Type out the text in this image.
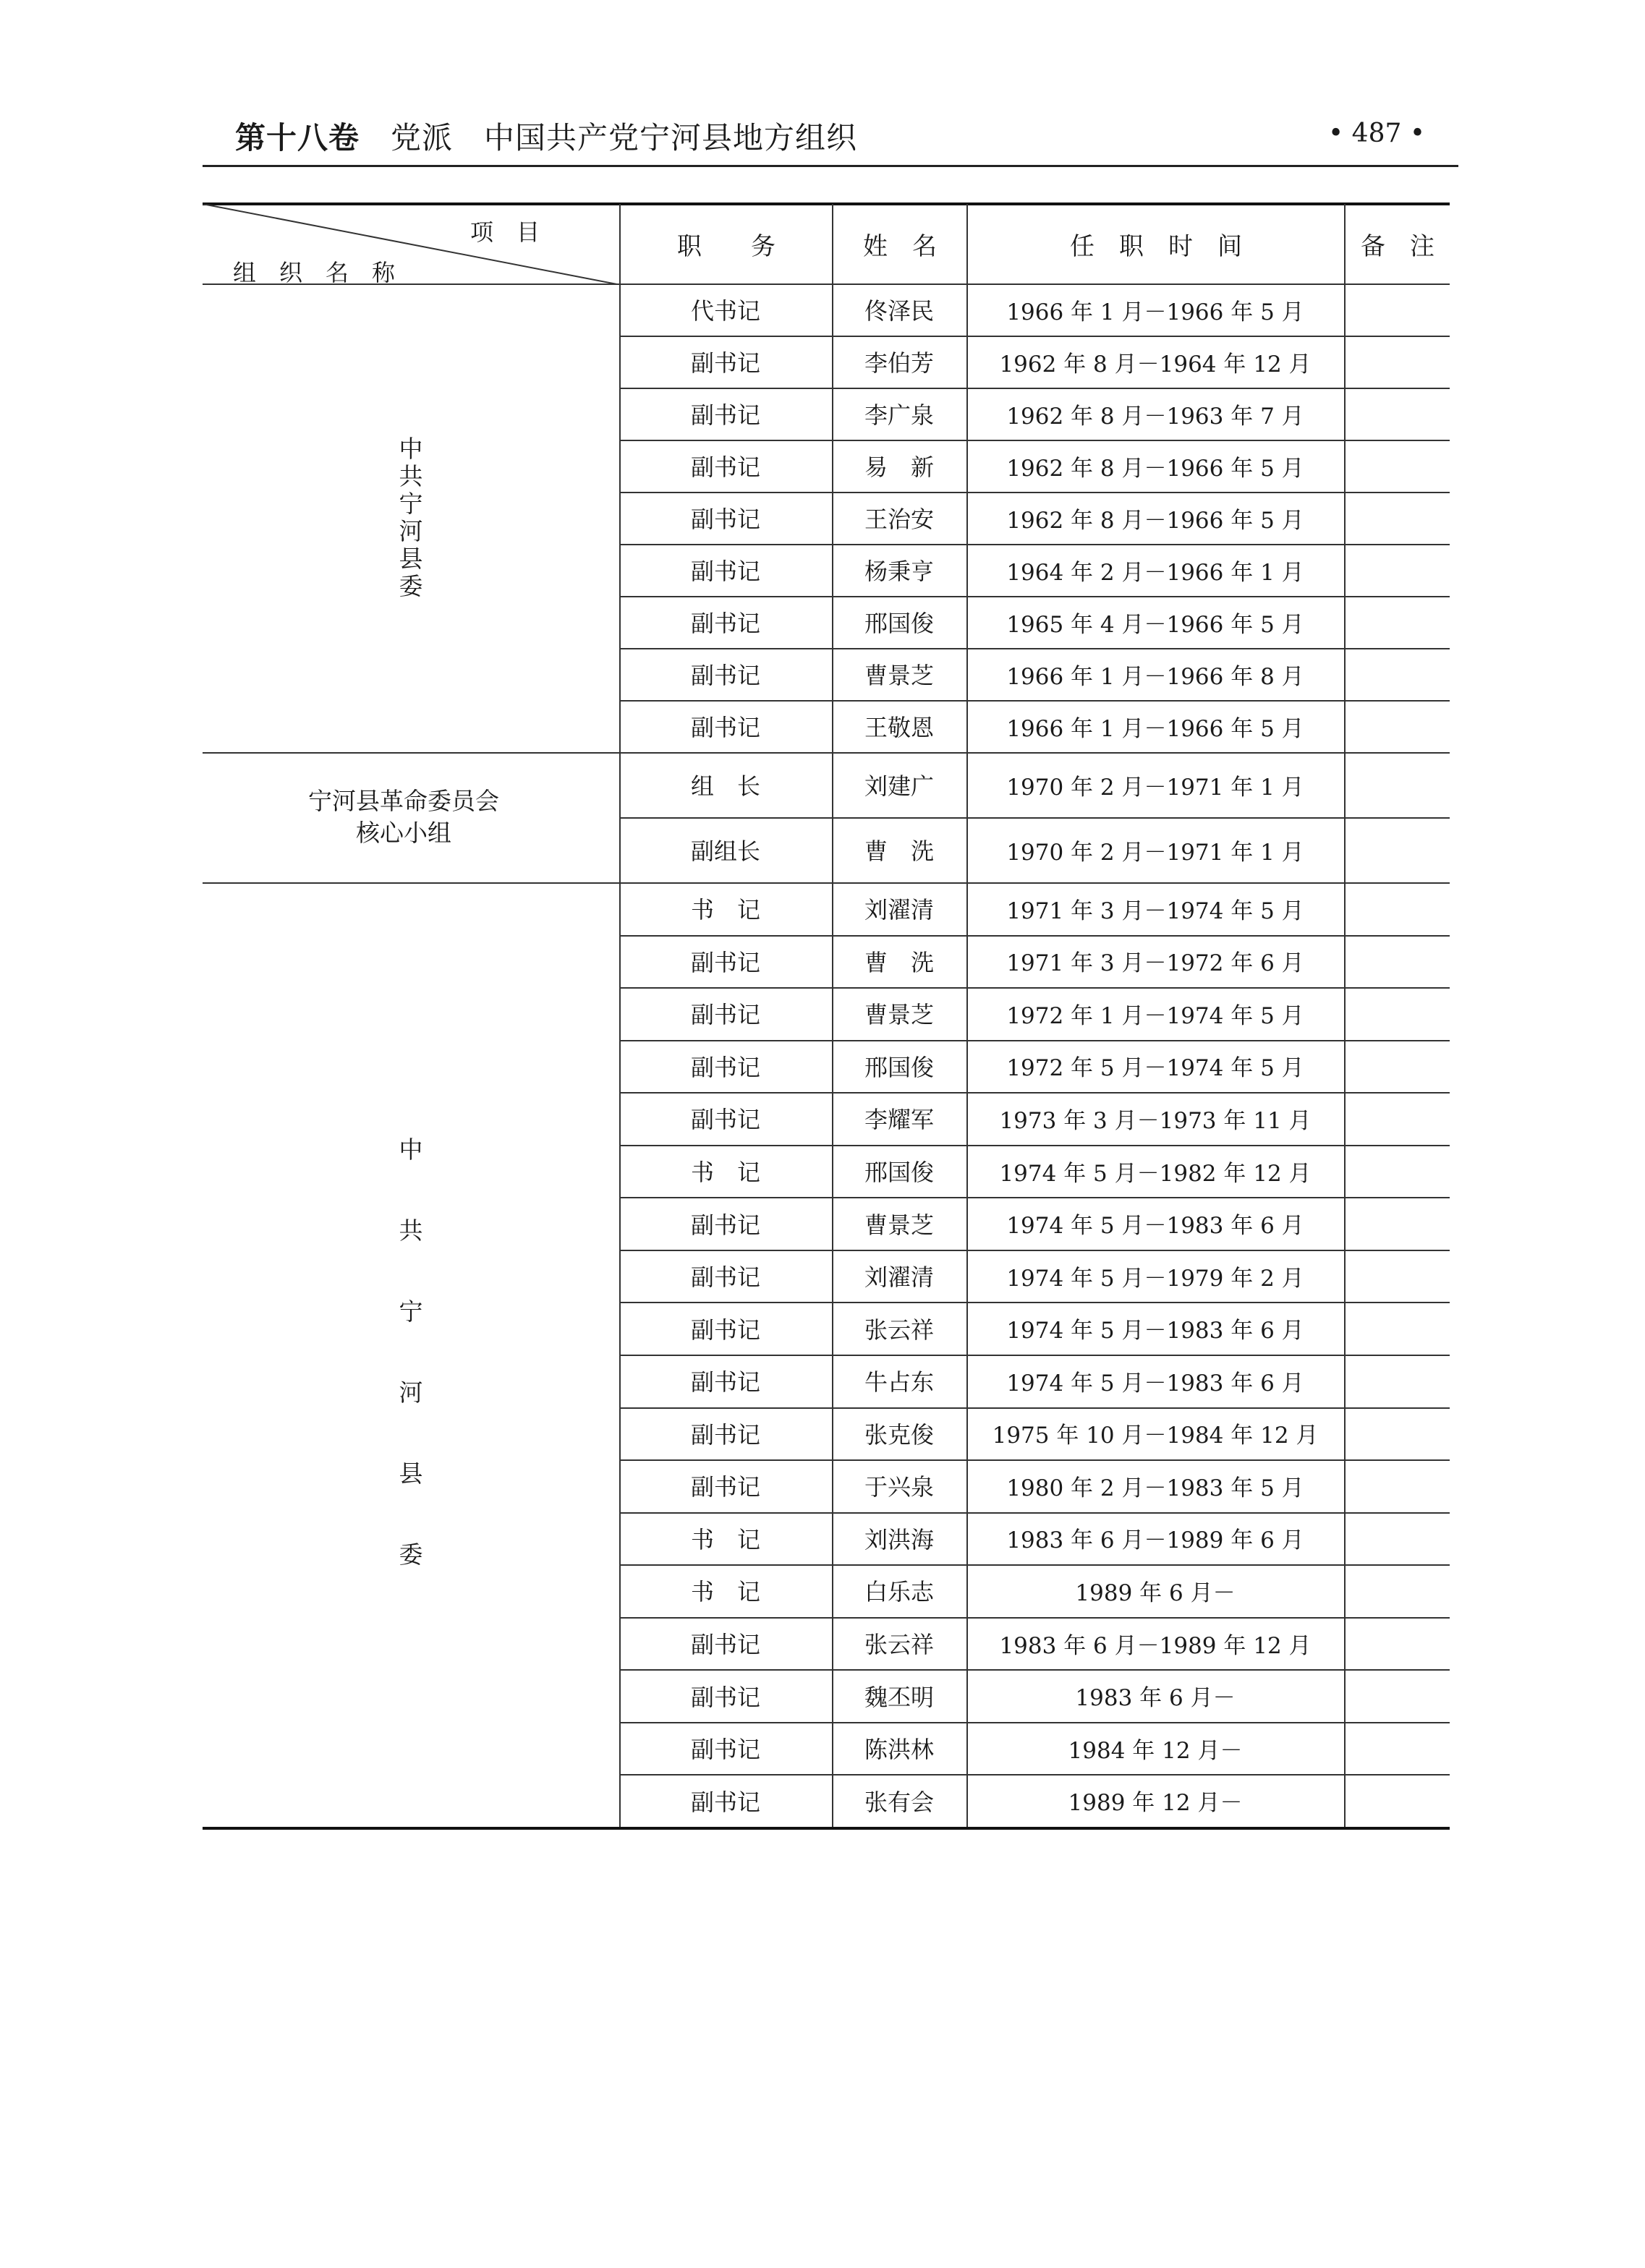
第十八卷　 党派　中国共产党宁河县地方组织	• 487 •
项　目
组　织　名　称
职　　务	姓　名	任　职　时　间	备　注
中
共
宁
河
县
委
代书记	佟泽民	1966 年 1 月－1966 年 5 月
副书记	李伯芳	1962 年 8 月－1964 年 12 月
副书记	李广泉	1962 年 8 月－1963 年 7 月
副书记	易　新	1962 年 8 月－1966 年 5 月
副书记	王治安	1962 年 8 月－1966 年 5 月
副书记	杨秉亨	1964 年 2 月－1966 年 1 月
副书记	邢国俊	1965 年 4 月－1966 年 5 月
副书记	曹景芝	1966 年 1 月－1966 年 8 月
副书记	王敬恩	1966 年 1 月－1966 年 5 月
宁河县革命委员会
核心小组
组　长	刘建广	1970 年 2 月－1971 年 1 月
副组长	曹　洗	1970 年 2 月－1971 年 1 月
中
共
宁
河
县
委
书　记	刘濯清	1971 年 3 月－1974 年 5 月
副书记	曹　洗	1971 年 3 月－1972 年 6 月
副书记	曹景芝	1972 年 1 月－1974 年 5 月
副书记	邢国俊	1972 年 5 月－1974 年 5 月
副书记	李耀军	1973 年 3 月－1973 年 11 月
书　记	邢国俊	1974 年 5 月－1982 年 12 月
副书记	曹景芝	1974 年 5 月－1983 年 6 月
副书记	刘濯清	1974 年 5 月－1979 年 2 月
副书记	张云祥	1974 年 5 月－1983 年 6 月
副书记	牛占东	1974 年 5 月－1983 年 6 月
副书记	张克俊	1975 年 10 月－1984 年 12 月
副书记	于兴泉	1980 年 2 月－1983 年 5 月
书　记	刘洪海	1983 年 6 月－1989 年 6 月
书　记	白乐志	1989 年 6 月－
副书记	张云祥	1983 年 6 月－1989 年 12 月
副书记	魏丕明	1983 年 6 月－
副书记	陈洪林	1984 年 12 月－
副书记	张有会	1989 年 12 月－
